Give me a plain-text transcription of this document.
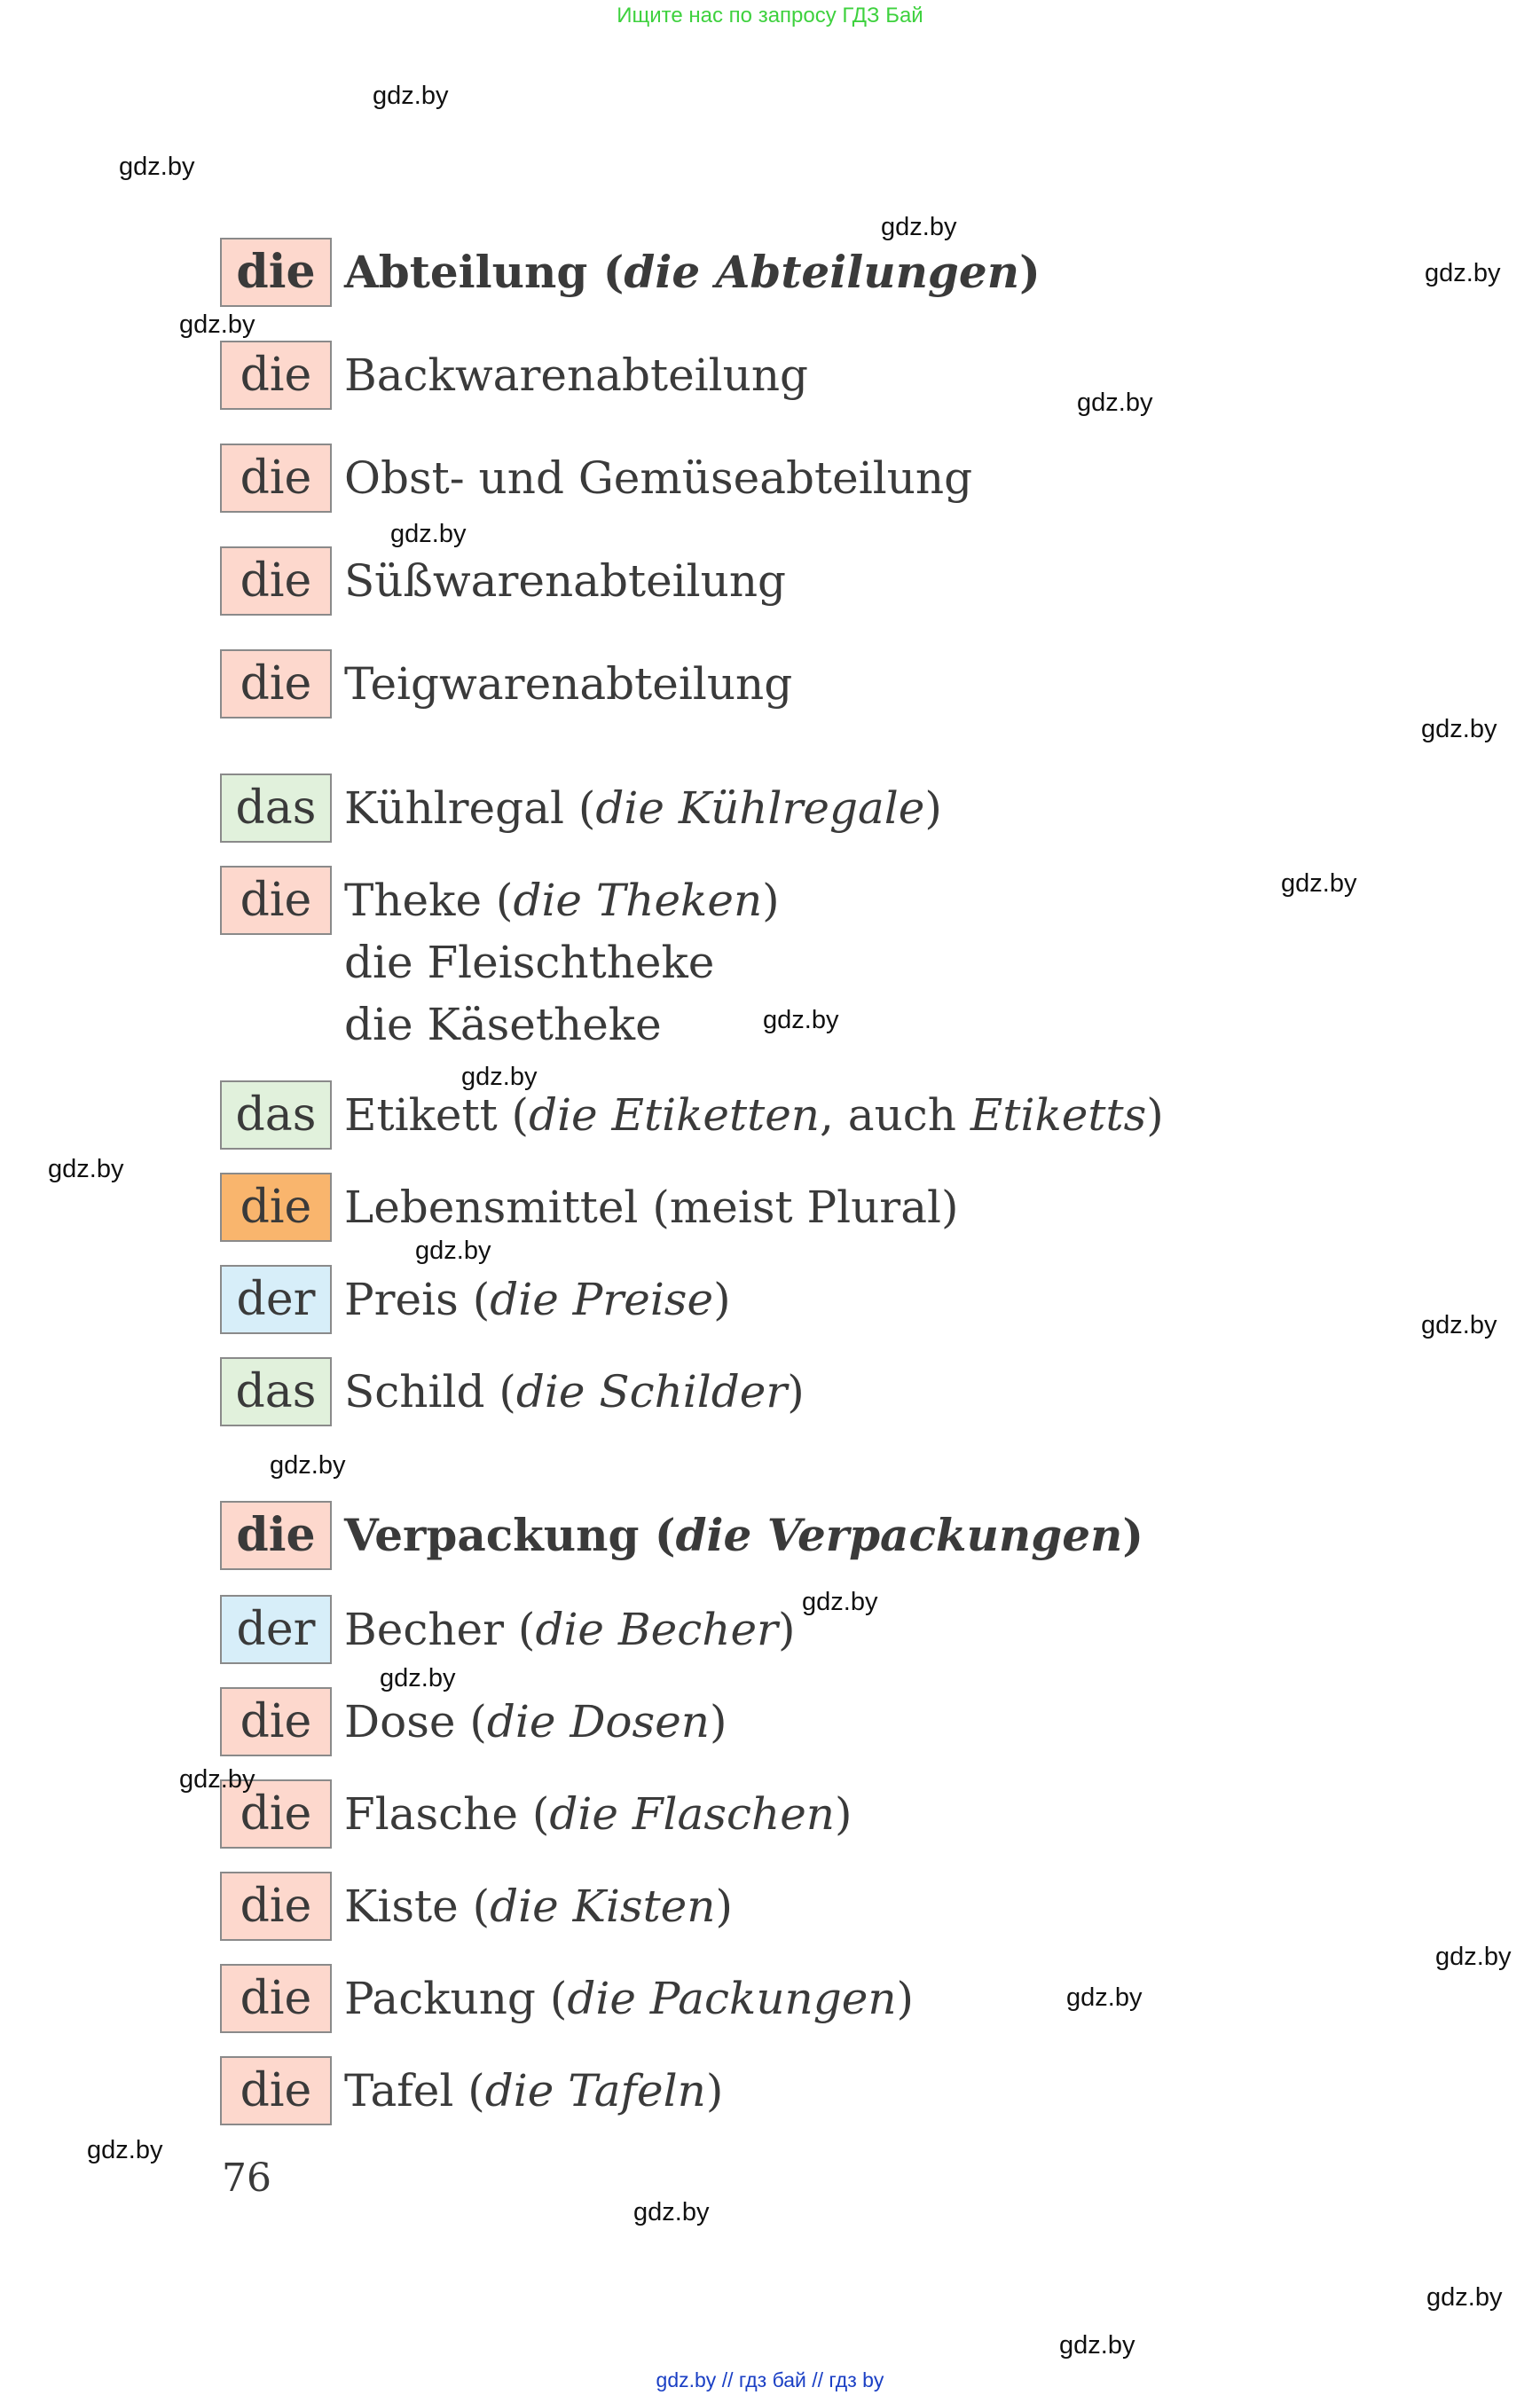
Ищите нас по запросу ГДЗ Бай
die Abteilung (die Abteilungen)
die Backwarenabteilung
die Obst- und Gemüseabteilung
die Süßwarenabteilung
die Teigwarenabteilung
das Kühlregal (die Kühlregale)
die Theke (die Theken)
die Fleischtheke
die Käsetheke
das Etikett (die Etiketten, auch Etiketts)
die Lebensmittel (meist Plural)
der Preis (die Preise)
das Schild (die Schilder)
die Verpackung (die Verpackungen)
der Becher (die Becher)
die Dose (die Dosen)
die Flasche (die Flaschen)
die Kiste (die Kisten)
die Packung (die Packungen)
die Tafel (die Tafeln)
76
gdz.by
gdz.by
gdz.by
gdz.by
gdz.by
gdz.by
gdz.by
gdz.by
gdz.by
gdz.by
gdz.by
gdz.by
gdz.by
gdz.by
gdz.by
gdz.by
gdz.by
gdz.by
gdz.by
gdz.by
gdz.by
gdz.by
gdz.by
gdz.by
gdz.by // гдз бай // гдз by
